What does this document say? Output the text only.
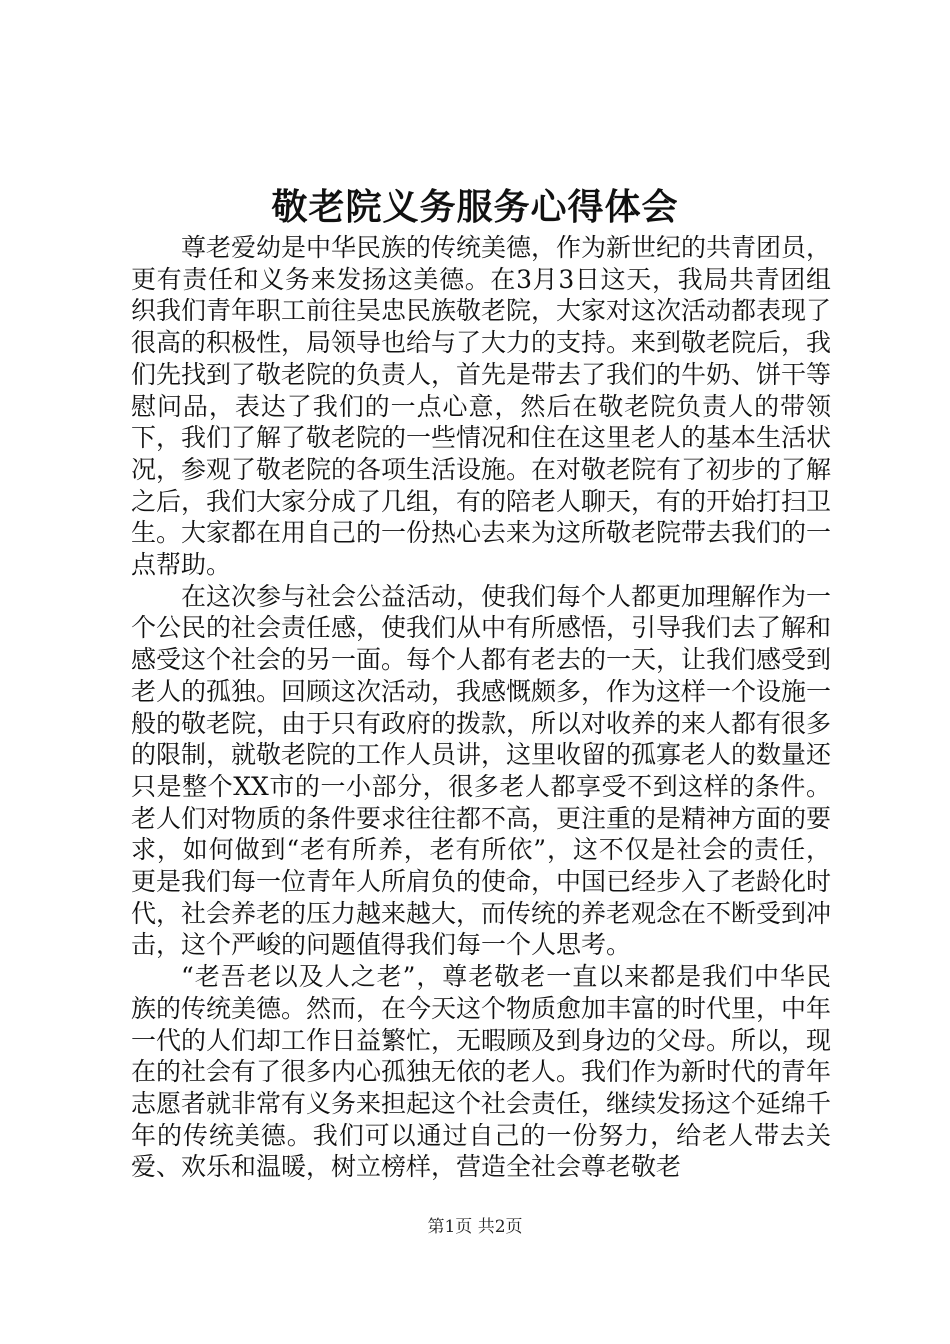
敬老院义务服务心得体会

尊老爱幼是中华民族的传统美德，作为新世纪的共青团员，更有责任和义务来发扬这美德。在3月3日这天，我局共青团组织我们青年职工前往吴忠民族敬老院，大家对这次活动都表现了很高的积极性，局领导也给与了大力的支持。来到敬老院后，我们先找到了敬老院的负责人，首先是带去了我们的牛奶、饼干等慰问品，表达了我们的一点心意，然后在敬老院负责人的带领下，我们了解了敬老院的一些情况和住在这里老人的基本生活状况，参观了敬老院的各项生活设施。在对敬老院有了初步的了解之后，我们大家分成了几组，有的陪老人聊天，有的开始打扫卫生。大家都在用自己的一份热心去来为这所敬老院带去我们的一点帮助。

在这次参与社会公益活动，使我们每个人都更加理解作为一个公民的社会责任感，使我们从中有所感悟，引导我们去了解和感受这个社会的另一面。每个人都有老去的一天，让我们感受到老人的孤独。回顾这次活动，我感慨颇多，作为这样一个设施一般的敬老院，由于只有政府的拨款，所以对收养的来人都有很多的限制，就敬老院的工作人员讲，这里收留的孤寡老人的数量还只是整个XX市的一小部分，很多老人都享受不到这样的条件。老人们对物质的条件要求往往都不高，更注重的是精神方面的要求，如何做到“老有所养，老有所依”，这不仅是社会的责任，更是我们每一位青年人所肩负的使命，中国已经步入了老龄化时代，社会养老的压力越来越大，而传统的养老观念在不断受到冲击，这个严峻的问题值得我们每一个人思考。

“老吾老以及人之老”，尊老敬老一直以来都是我们中华民族的传统美德。然而，在今天这个物质愈加丰富的时代里，中年一代的人们却工作日益繁忙，无暇顾及到身边的父母。所以，现在的社会有了很多内心孤独无依的老人。我们作为新时代的青年志愿者就非常有义务来担起这个社会责任，继续发扬这个延绵千年的传统美德。我们可以通过自己的一份努力，给老人带去关爱、欢乐和温暖，树立榜样，营造全社会尊老敬老

第1页 共2页
